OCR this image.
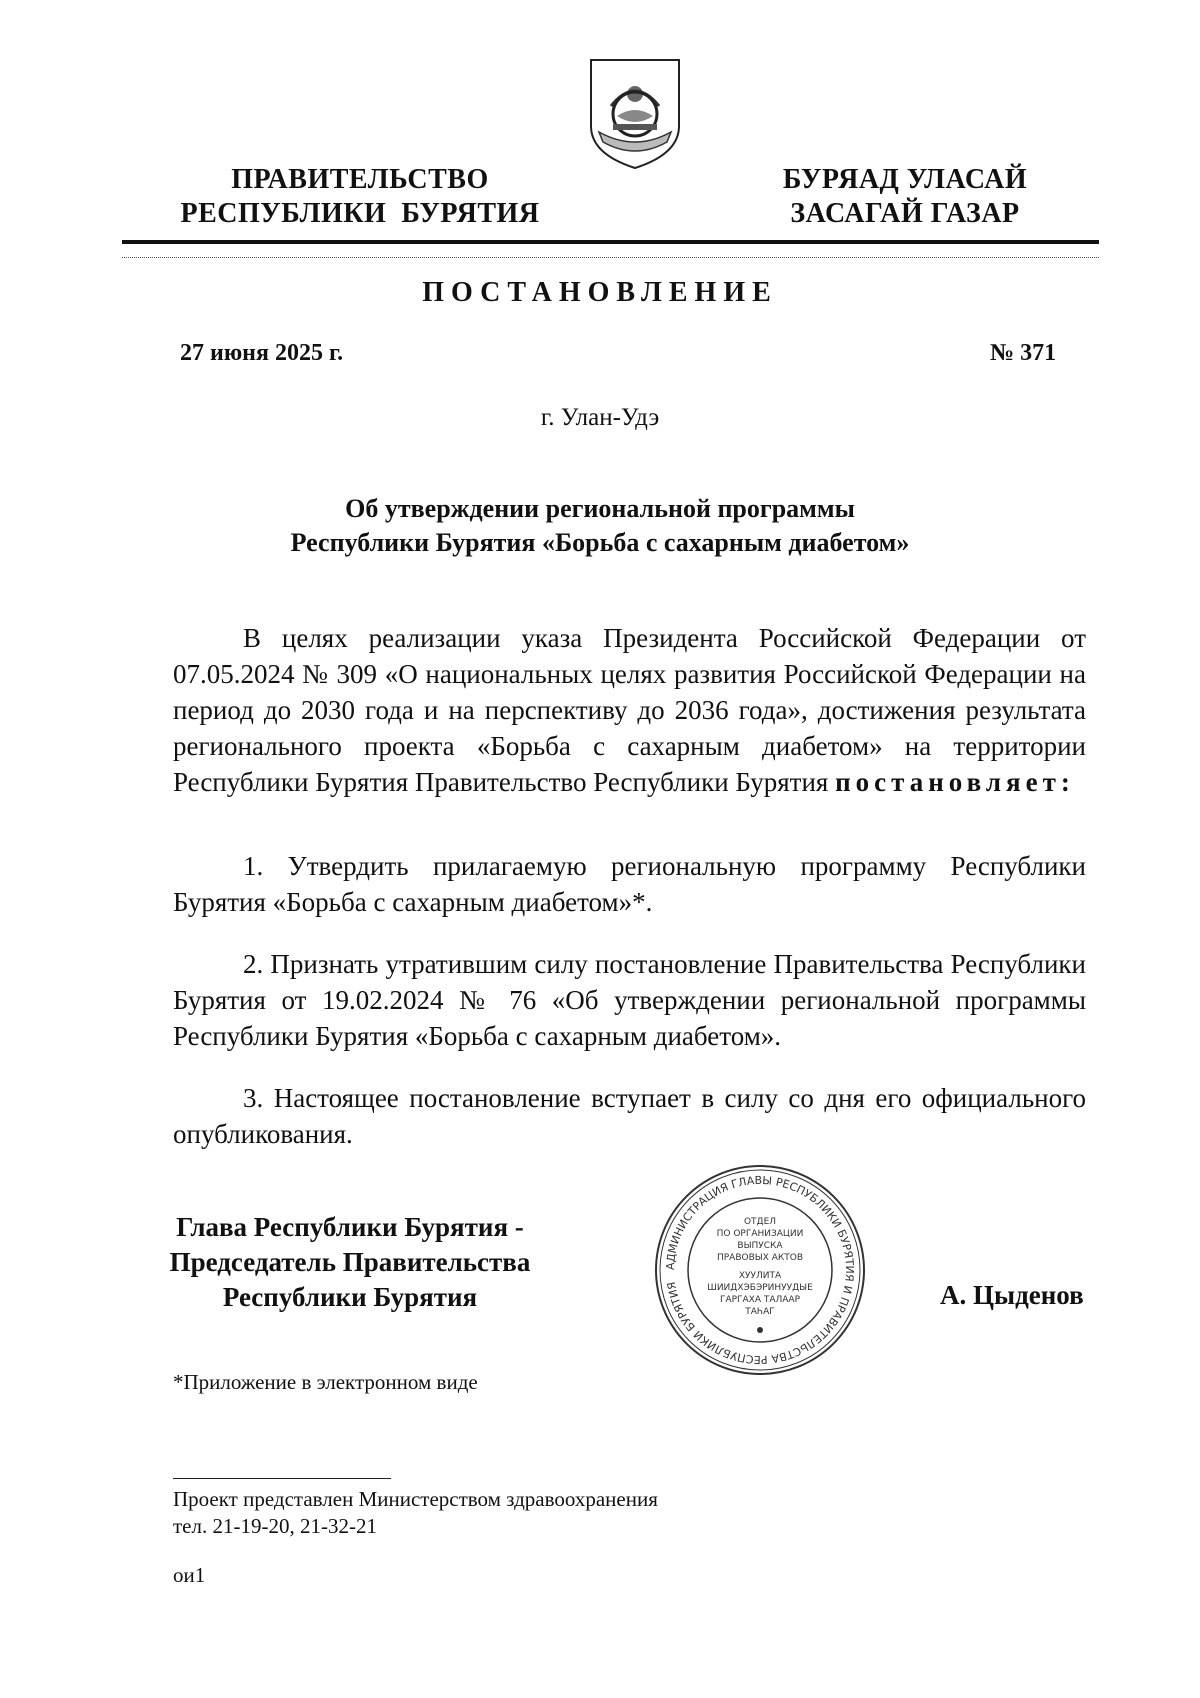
ПРАВИТЕЛЬСТВО
РЕСПУБЛИКИ  БУРЯТИЯ
БУРЯАД УЛАСАЙ
ЗАСАГАЙ ГАЗАР
ПОСТАНОВЛЕНИЕ
27 июня 2025 г.	№ 371
г. Улан-Удэ
Об утверждении региональной программы
Республики Бурятия «Борьба с сахарным диабетом»
В целях реализации указа Президента Российской Федерации от 07.05.2024 № 309 «О национальных целях развития Российской Федерации на период до 2030 года и на перспективу до 2036 года», достижения результата регионального проекта «Борьба с сахарным диабетом» на территории Республики Бурятия Правительство Республики Бурятия постановляет:
1. Утвердить прилагаемую региональную программу Республики Бурятия «Борьба с сахарным диабетом»*.
2. Признать утратившим силу постановление Правительства Республики Бурятия от 19.02.2024 № 76 «Об утверждении региональной программы Республики Бурятия «Борьба с сахарным диабетом».
3. Настоящее постановление вступает в силу со дня его официального опубликования.
Глава Республики Бурятия -
Председатель Правительства
Республики Бурятия
АДМИНИСТРАЦИЯ ГЛАВЫ РЕСПУБЛИКИ БУРЯТИЯ И ПРАВИТЕЛЬСТВА РЕСПУБЛИКИ БУРЯТИЯ
ОТДЕЛ
ПО ОРГАНИЗАЦИИ
ВЫПУСКА
ПРАВОВЫХ АКТОВ
ХУУЛИТА
ШИИДХЭБЭРИНУУДЫЕ
ГАРГАХА ТАЛААР
ТАҺАГ
А. Цыденов
*Приложение в электронном виде
Проект представлен Министерством здравоохранения
тел. 21-19-20, 21-32-21
ои1
